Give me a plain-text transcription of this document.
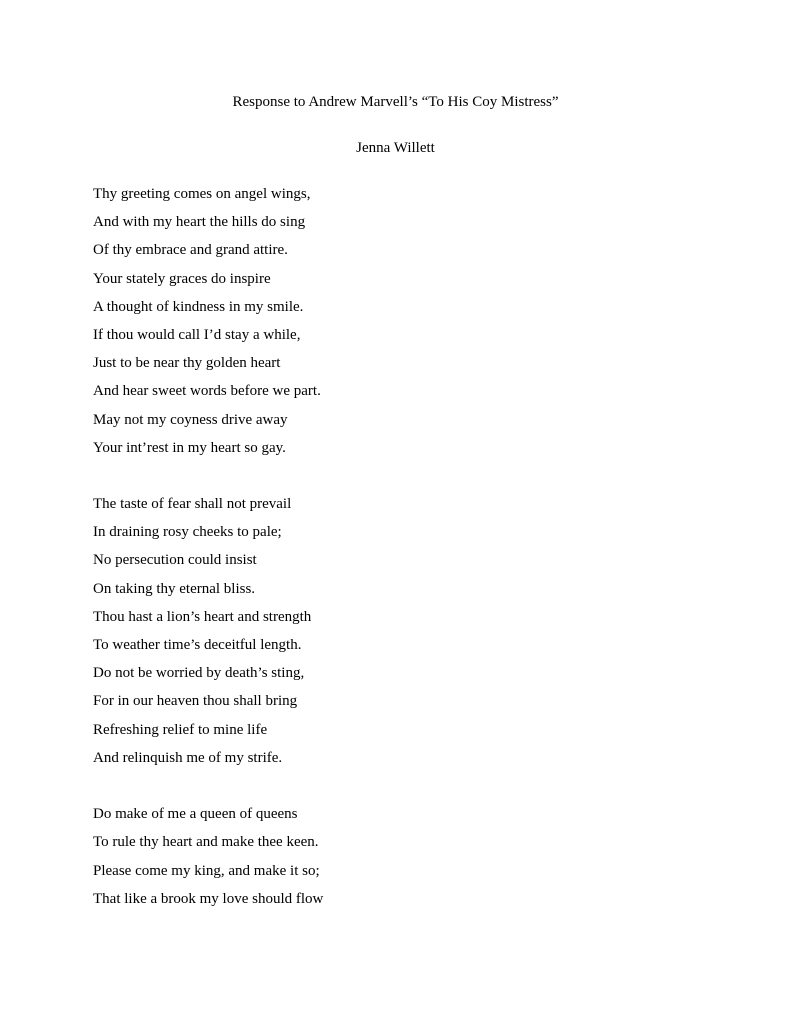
Response to Andrew Marvell’s “To His Coy Mistress”
Jenna Willett
Thy greeting comes on angel wings,
And with my heart the hills do sing
Of thy embrace and grand attire.
Your stately graces do inspire
A thought of kindness in my smile.
If thou would call I’d stay a while,
Just to be near thy golden heart
And hear sweet words before we part.
May not my coyness drive away
Your int’rest in my heart so gay.
The taste of fear shall not prevail
In draining rosy cheeks to pale;
No persecution could insist
On taking thy eternal bliss.
Thou hast a lion’s heart and strength
To weather time’s deceitful length.
Do not be worried by death’s sting,
For in our heaven thou shall bring
Refreshing relief to mine life
And relinquish me of my strife.
Do make of me a queen of queens
To rule thy heart and make thee keen.
Please come my king, and make it so;
That like a brook my love should flow
